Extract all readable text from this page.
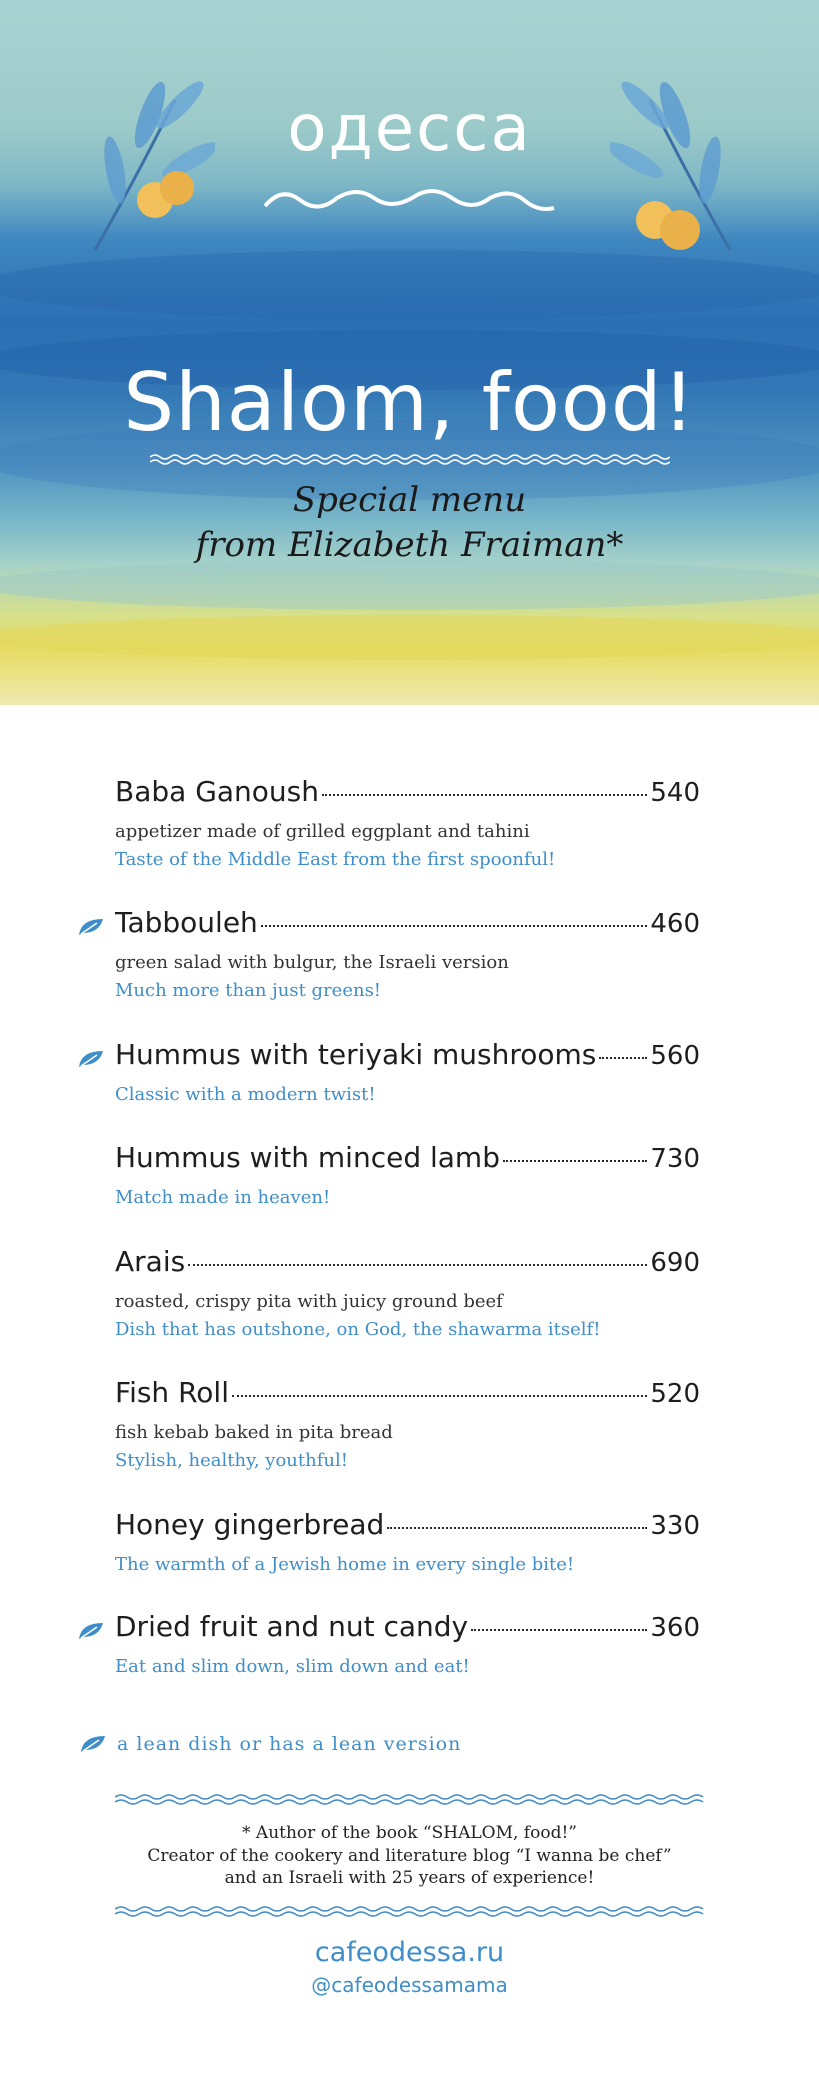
одесса
Shalom, food!
Special menu
from Elizabeth Fraiman*
Baba Ganoush	540
appetizer made of grilled eggplant and tahini
Taste of the Middle East from the first spoonful!
Tabbouleh	460
green salad with bulgur, the Israeli version
Much more than just greens!
Hummus with teriyaki mushrooms 560
Classic with a modern twist!
Hummus with minced lamb	730
Match made in heaven!
Arais	690
roasted, crispy pita with juicy ground beef
Dish that has outshone, on God, the shawarma itself!
Fish Roll	520
fish kebab baked in pita bread
Stylish, healthy, youthful!
Honey gingerbread	330
The warmth of a Jewish home in every single bite!
Dried fruit and nut candy	360
Eat and slim down, slim down and eat!
a lean dish or has a lean version
* Author of the book “SHALOM, food!”
Creator of the cookery and literature blog “I wanna be chef”
and an Israeli with 25 years of experience!
cafeodessa.ru
@cafeodessamama
